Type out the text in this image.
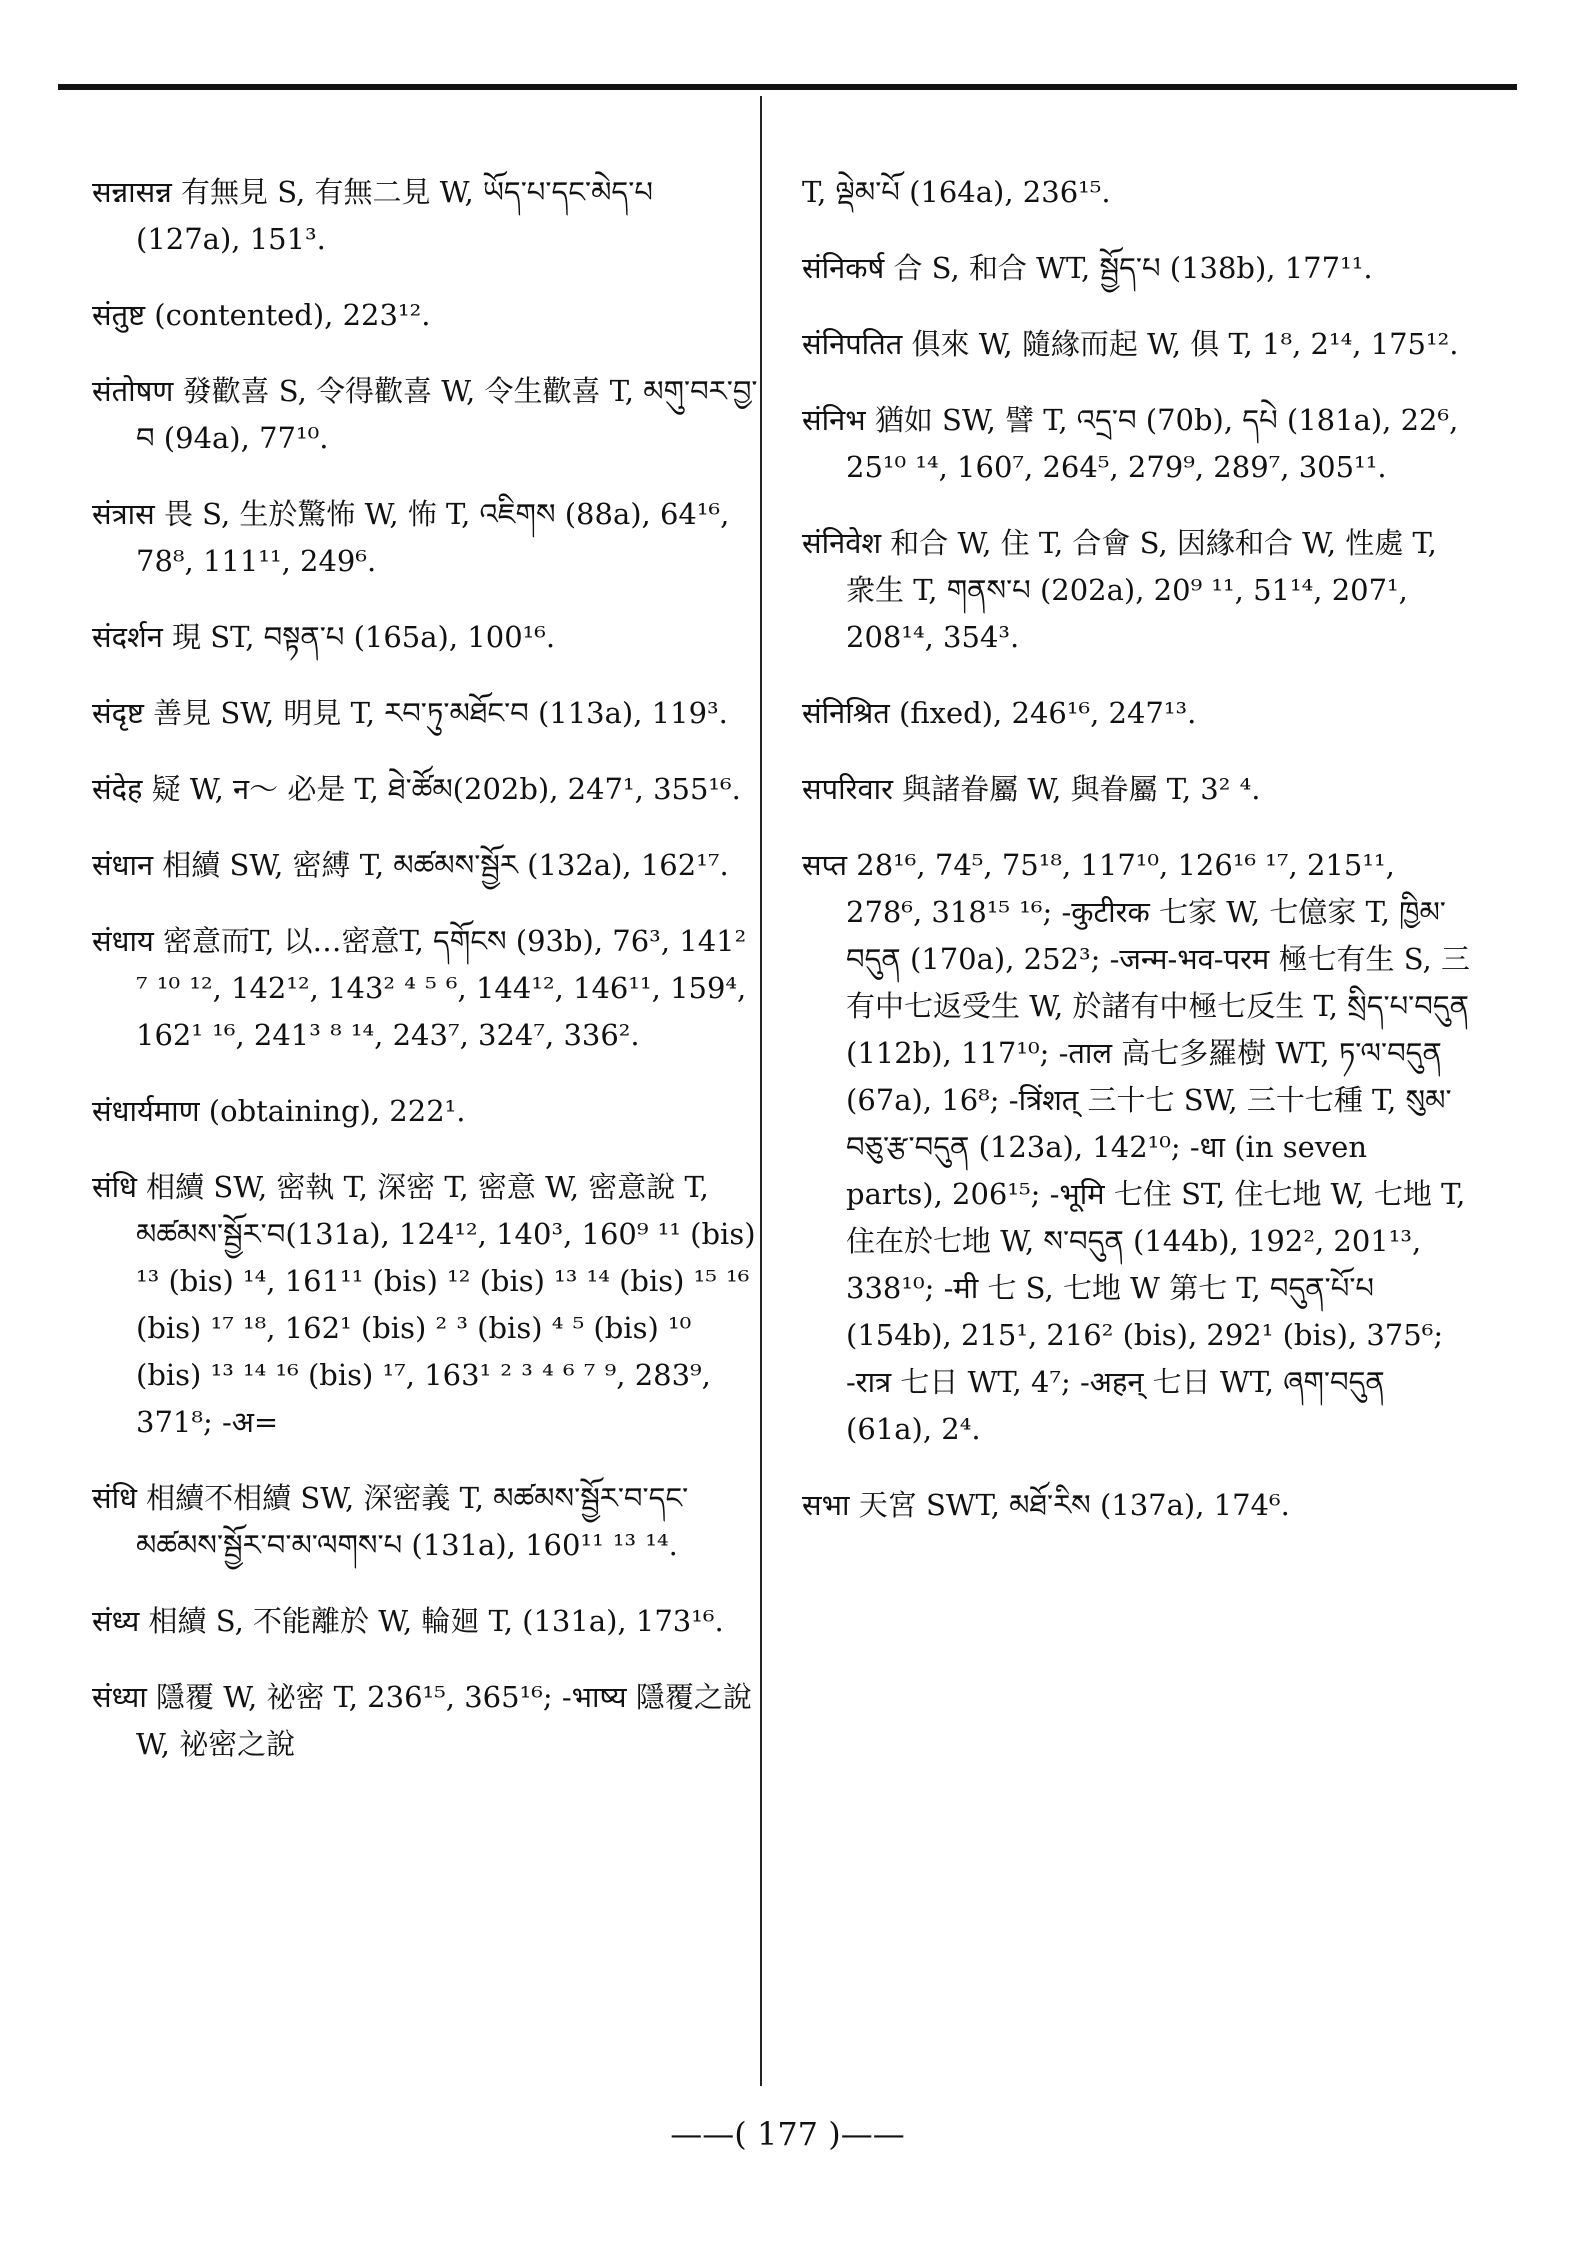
सन्नासन्न 有無見 S, 有無二見 W, ཡོད་པ་དང་མེད་པ (127a), 151³.

संतुष्ट (contented), 223¹².

संतोषण 發歡喜 S, 令得歡喜 W, 令生歡喜 T, མགུ་བར་བྱ་བ (94a), 77¹⁰.

संत्रास 畏 S, 生於驚怖 W, 怖 T, འཇིགས (88a), 64¹⁶, 78⁸, 111¹¹, 249⁶.

संदर्शन 現 ST, བསྟན་པ (165a), 100¹⁶.

संदृष्ट 善見 SW, 明見 T, རབ་ཏུ་མཐོང་བ (113a), 119³.

संदेह 疑 W, न～ 必是 T, ཐེ་ཚོམ(202b), 247¹, 355¹⁶.

संधान 相續 SW, 密縛 T, མཚམས་སྦྱོར (132a), 162¹⁷.

संधाय 密意而T, 以…密意T, དགོངས (93b), 76³, 141² ⁷ ¹⁰ ¹², 142¹², 143² ⁴ ⁵ ⁶, 144¹², 146¹¹, 159⁴, 162¹ ¹⁶, 241³ ⁸ ¹⁴, 243⁷, 324⁷, 336².

संधार्यमाण (obtaining), 222¹.

संधि 相續 SW, 密執 T, 深密 T, 密意 W, 密意說 T, མཚམས་སྦྱོར་བ(131a), 124¹², 140³, 160⁹ ¹¹ (bis) ¹³ (bis) ¹⁴, 161¹¹ (bis) ¹² (bis) ¹³ ¹⁴ (bis) ¹⁵ ¹⁶ (bis) ¹⁷ ¹⁸, 162¹ (bis) ² ³ (bis) ⁴ ⁵ (bis) ¹⁰ (bis) ¹³ ¹⁴ ¹⁶ (bis) ¹⁷, 163¹ ² ³ ⁴ ⁶ ⁷ ⁹, 283⁹, 371⁸; -अ=

संधि 相續不相續 SW, 深密義 T, མཚམས་སྦྱོར་བ་དང་མཚམས་སྦྱོར་བ་མ་ལགས་པ (131a), 160¹¹ ¹³ ¹⁴.

संध्य 相續 S, 不能離於 W, 輪廻 T, (131a), 173¹⁶.

संध्या 隱覆 W, 祕密 T, 236¹⁵, 365¹⁶; -भाष्य 隱覆之說 W, 祕密之說

T, ལྡེམ་པོ (164a), 236¹⁵.

संनिकर्ष 合 S, 和合 WT, སྦྱོད་པ (138b), 177¹¹.

संनिपतित 俱來 W, 隨緣而起 W, 俱 T, 1⁸, 2¹⁴, 175¹².

संनिभ 猶如 SW, 譬 T, འདྲ་བ (70b), དཔེ (181a), 22⁶, 25¹⁰ ¹⁴, 160⁷, 264⁵, 279⁹, 289⁷, 305¹¹.

संनिवेश 和合 W, 住 T, 合會 S, 因緣和合 W, 性處 T, 衆生 T, གནས་པ (202a), 20⁹ ¹¹, 51¹⁴, 207¹, 208¹⁴, 354³.

संनिश्रित (fixed), 246¹⁶, 247¹³.

सपरिवार 與諸眷屬 W, 與眷屬 T, 3² ⁴.

सप्त 28¹⁶, 74⁵, 75¹⁸, 117¹⁰, 126¹⁶ ¹⁷, 215¹¹, 278⁶, 318¹⁵ ¹⁶; -कुटीरक 七家 W, 七億家 T, ཁྱིམ་བདུན (170a), 252³; -जन्म-भव-परम 極七有生 S, 三有中七返受生 W, 於諸有中極七反生 T, སྲིད་པ་བདུན (112b), 117¹⁰; -ताल 高七多羅樹 WT, ཏ་ལ་བདུན (67a), 16⁸; -त्रिंशत् 三十七 SW, 三十七種 T, སུམ་བཅུ་རྩ་བདུན (123a), 142¹⁰; -धा (in seven parts), 206¹⁵; -भूमि 七住 ST, 住七地 W, 七地 T, 住在於七地 W, ས་བདུན (144b), 192², 201¹³, 338¹⁰; -मी 七 S, 七地 W 第七 T, བདུན་པོ་པ (154b), 215¹, 216² (bis), 292¹ (bis), 375⁶; -रात्र 七日 WT, 4⁷; -अहन् 七日 WT, ཞག་བདུན (61a), 2⁴.

सभा 天宮 SWT, མཐོ་རིས (137a), 174⁶.

——( 177 )——
